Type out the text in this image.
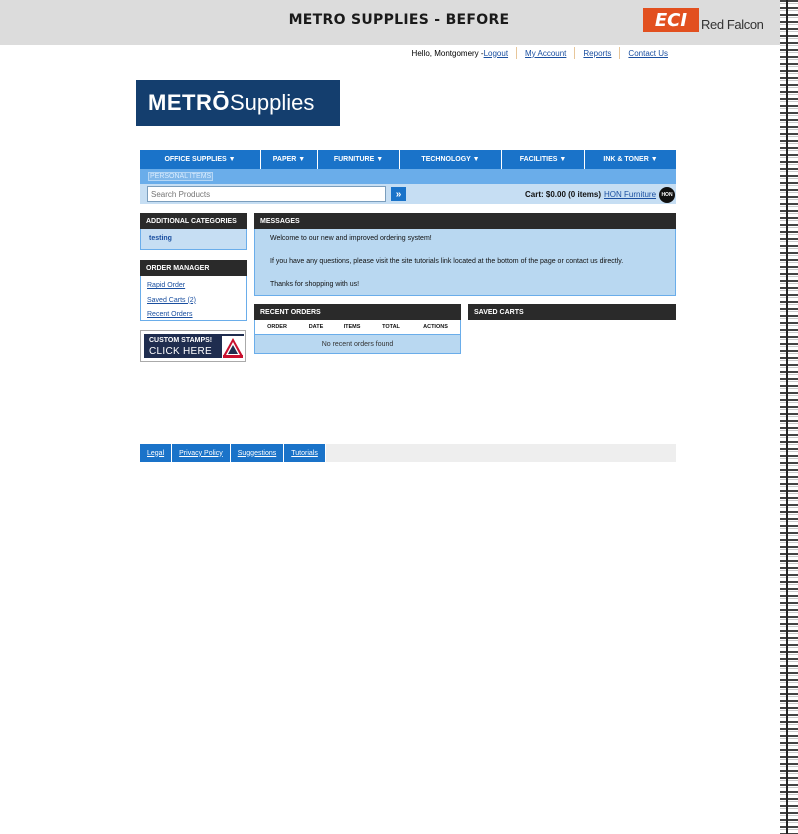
METRO SUPPLIES - BEFORE	ECI	Red Falcon
Hello, Montgomery - Logout My Account Reports Contact Us
METRŌ Supplies
OFFICE SUPPLIES ▼	PAPER ▼	FURNITURE ▼	TECHNOLOGY ▼	FACILITIES ▼	INK & TONER ▼
PERSONAL ITEMS
Search Products
»	Cart: $0.00 (0 items) HON Furniture	HON
ADDITIONAL CATEGORIES
testing
ORDER MANAGER
Rapid Order
Saved Carts (2)
Recent Orders
CUSTOM STAMPS!
CLICK HERE
MESSAGES

Welcome to our new and improved ordering system!

If you have any questions, please visit the site tutorials link located at the bottom of the page or contact us directly.

Thanks for shopping with us!

RECENT ORDERS
ORDER	DATE	ITEMS	TOTAL	ACTIONS
No recent orders found
SAVED CARTS
Legal	Privacy Policy	Suggestions	Tutorials
